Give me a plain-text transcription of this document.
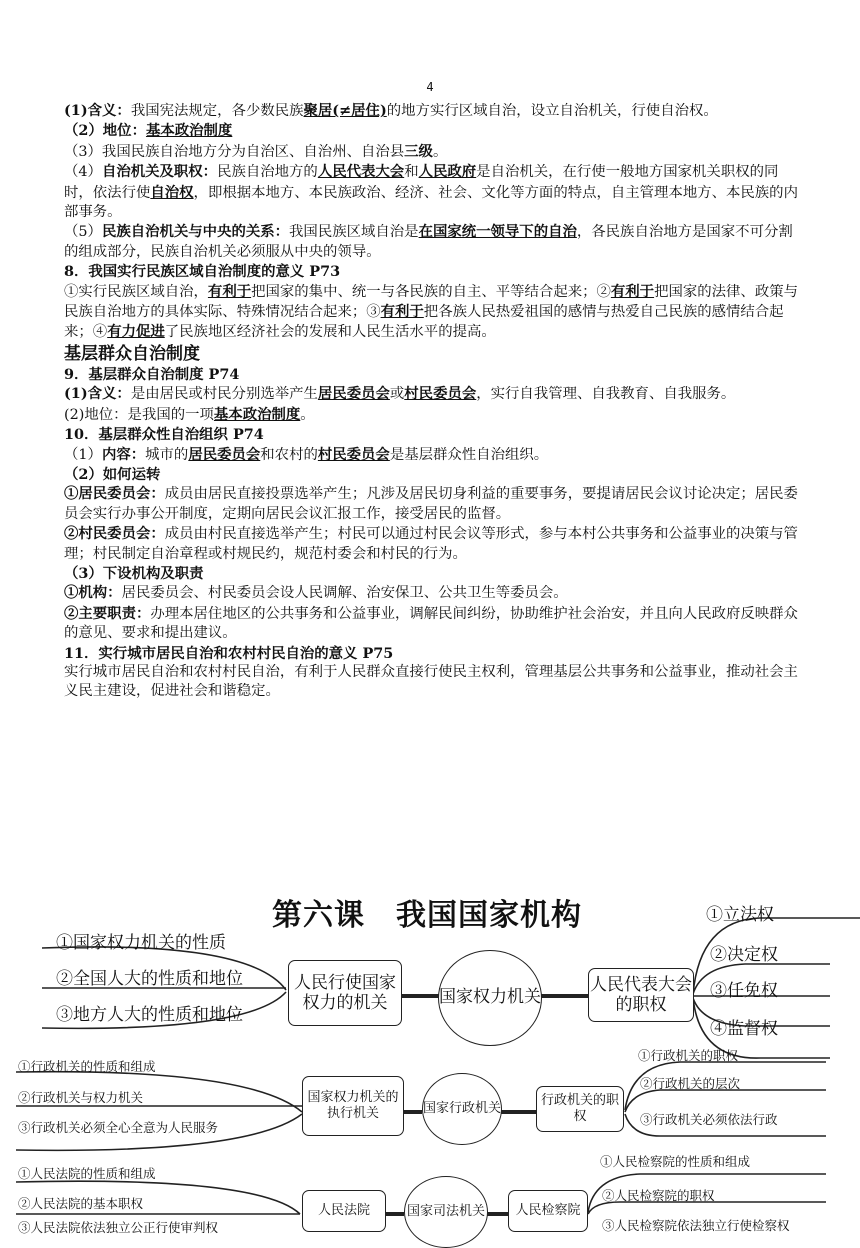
4

(1)含义：我国宪法规定，各少数民族聚居(≠居住)的地方实行区域自治，设立自治机关，行使自治权。

（2）地位：基本政治制度

（3）我国民族自治地方分为自治区、自治州、自治县三级。

（4）自治机关及职权：民族自治地方的人民代表大会和人民政府是自治机关，在行使一般地方国家机关职权的同时，依法行使自治权，即根据本地方、本民族政治、经济、社会、文化等方面的特点，自主管理本地方、本民族的内部事务。

（5）民族自治机关与中央的关系：我国民族区域自治是在国家统一领导下的自治，各民族自治地方是国家不可分割的组成部分，民族自治机关必须服从中央的领导。

8．我国实行民族区域自治制度的意义 P73

①实行民族区域自治，有利于把国家的集中、统一与各民族的自主、平等结合起来；②有利于把国家的法律、政策与民族自治地方的具体实际、特殊情况结合起来；③有利于把各族人民热爱祖国的感情与热爱自己民族的感情结合起来；④有力促进了民族地区经济社会的发展和人民生活水平的提高。

基层群众自治制度

9．基层群众自治制度 P74

(1)含义：是由居民或村民分别选举产生居民委员会或村民委员会，实行自我管理、自我教育、自我服务。

(2)地位：是我国的一项基本政治制度。

10．基层群众性自治组织 P74

（1）内容：城市的居民委员会和农村的村民委员会是基层群众性自治组织。

（2）如何运转

①居民委员会：成员由居民直接投票选举产生；凡涉及居民切身利益的重要事务，要提请居民会议讨论决定；居民委员会实行办事公开制度，定期向居民会议汇报工作，接受居民的监督。

②村民委员会：成员由村民直接选举产生；村民可以通过村民会议等形式，参与本村公共事务和公益事业的决策与管理；村民制定自治章程或村规民约，规范村委会和村民的行为。

（3）下设机构及职责

①机构：居民委员会、村民委员会设人民调解、治安保卫、公共卫生等委员会。

②主要职责：办理本居住地区的公共事务和公益事业，调解民间纠纷，协助维护社会治安，并且向人民政府反映群众的意见、要求和提出建议。

11．实行城市居民自治和农村村民自治的意义 P75

实行城市居民自治和农村村民自治，有利于人民群众直接行使民主权利，管理基层公共事务和公益事业，推动社会主义民主建设，促进社会和谐稳定。

第六课　我国国家机构
①国家权力机关的性质
②全国人大的性质和地位
③地方人大的性质和地位
人民行使国家权力的机关	国家权力机关
人民代表大会的职权
①立法权
②决定权
③任免权
④监督权
①行政机关的性质和组成
②行政机关与权力机关
③行政机关必须全心全意为人民服务
国家权力机关的执行机关	国家行政机关	行政机关的职权
①行政机关的职权
②行政机关的层次
③行政机关必须依法行政
①人民法院的性质和组成
②人民法院的基本职权
③人民法院依法独立公正行使审判权
人民法院	国家司法机关	人民检察院
①人民检察院的性质和组成
②人民检察院的职权
③人民检察院依法独立行使检察权
